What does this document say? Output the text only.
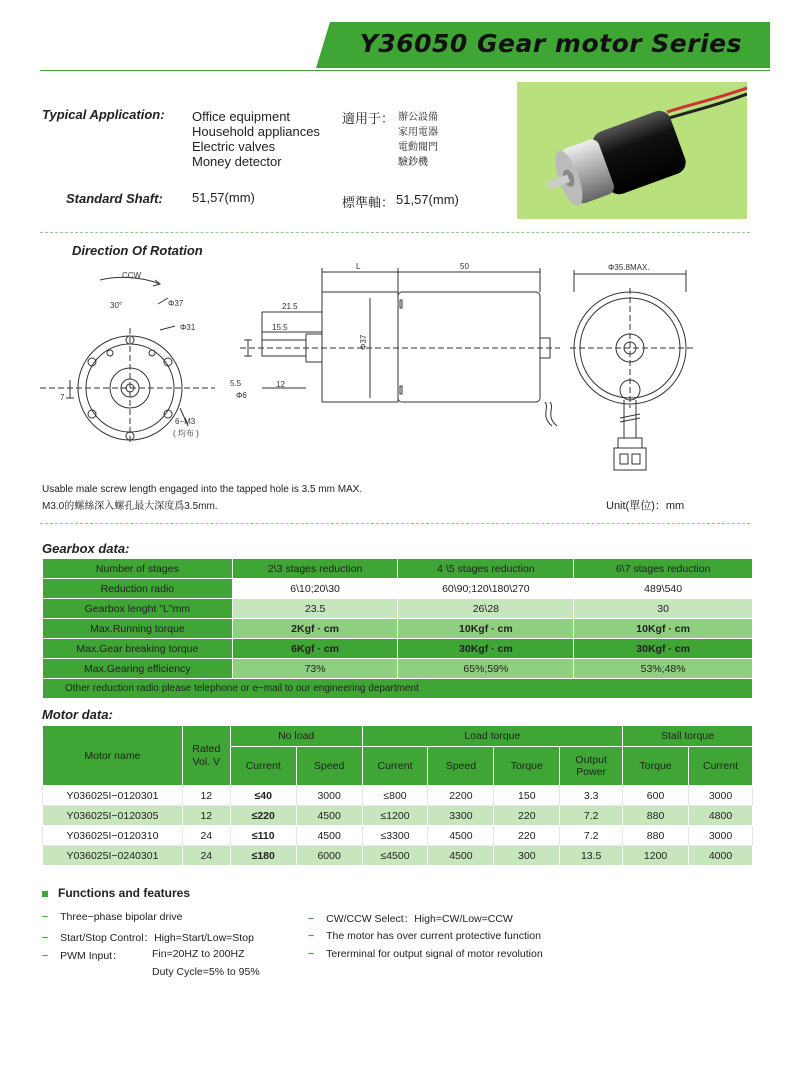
Y36050 Gear motor Series
Typical Application: Office equipment
Household appliances
Electric valves
Money detector
適用于： 辦公設備
家用電器
電動閥門
驗鈔機
Standard Shaft: 51,57(mm)	標準軸： 51,57(mm)
Direction Of Rotation
CCW
30°	Φ37
Φ31
7
6−M3
( 均布 )
L	50
21.5
15.5
5.5	12
Φ6
Φ37
Φ35.8MAX.
Usable male screw length engaged into the tapped hole is 3.5 mm MAX.
M3.0的螺絲深入螺孔最大深度爲3.5mm.	Unit(單位)：mm
Gearbox data:
Number of stages	2\3 stages reduction	4 \5 stages reduction	6\7 stages reduction
Reduction radio	6\10;20\30	60\90;120\180\270	489\540
Gearbox lenght "L"mm	23.5	26\28	30
Max.Running torque	2Kgf · cm	10Kgf · cm	10Kgf · cm
Max.Gear breaking torque	6Kgf · cm	30Kgf · cm	30Kgf · cm
Max.Gearing efficiency	73%	65%;59%	53%;48%
Other reduction radio please telephone or e−mail to our engineering department			
Motor data:
Motor name	Rated Vol. V	No load		Load torque				Stall torque	
		Current	Speed	Current	Speed	Torque	Output Power	Torque	Current
Y036025I−0120301	12	≤40	3000	≤800	2200	150	3.3	600	3000
Y036025I−0120305	12	≤220	4500	≤1200	3300	220	7.2	880	4800
Y036025I−0120310	24	≤110	4500	≤3300	4500	220	7.2	880	3000
Y036025I−0240301	24	≤180	6000	≤4500	4500	300	13.5	1200	4000
Functions and features
− Three−phase bipolar drive
− Start/Stop Control：High=Start/Low=Stop
− PWM Input：	Fin=20HZ to 200HZ
Duty Cycle=5% to 95%
− CW/CCW Select：High=CW/Low=CCW
− The motor has over current protective function
− Tererminal for output signal of motor revolution
